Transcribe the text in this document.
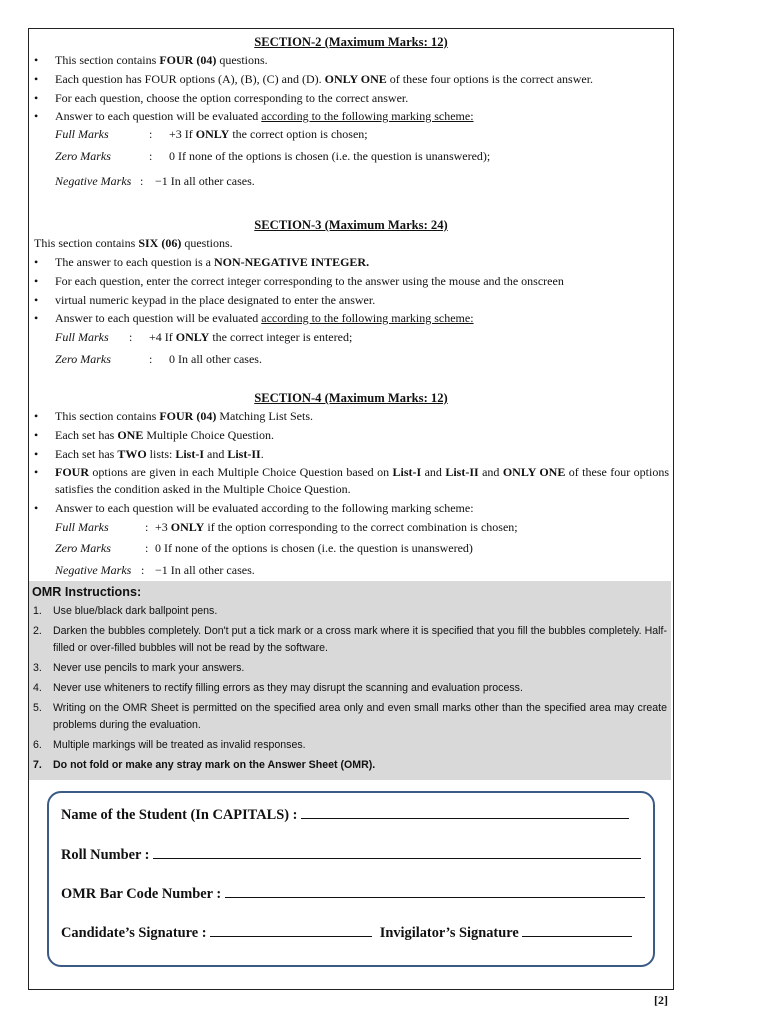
SECTION-2 (Maximum Marks: 12)
• This section contains FOUR (04) questions.
• Each question has FOUR options (A), (B), (C) and (D). ONLY ONE of these four options is the correct answer.
• For each question, choose the option corresponding to the correct answer.
• Answer to each question will be evaluated according to the following marking scheme:
Full Marks	: +3 If ONLY the correct option is chosen;
Zero Marks	: 0 If none of the options is chosen (i.e. the question is unanswered);
Negative Marks : −1 In all other cases.
SECTION-3 (Maximum Marks: 24)
This section contains SIX (06) questions.
• The answer to each question is a NON-NEGATIVE INTEGER.
• For each question, enter the correct integer corresponding to the answer using the mouse and the onscreen
• virtual numeric keypad in the place designated to enter the answer.
• Answer to each question will be evaluated according to the following marking scheme:
Full Marks : +4 If ONLY the correct integer is entered;
Zero Marks	: 0 In all other cases.
SECTION-4 (Maximum Marks: 12)
• This section contains FOUR (04) Matching List Sets.
• Each set has ONE Multiple Choice Question.
• Each set has TWO lists: List-I and List-II.
• FOUR options are given in each Multiple Choice Question based on List-I and List-II and ONLY ONE of these four options satisfies the condition asked in the Multiple Choice Question.
• Answer to each question will be evaluated according to the following marking scheme:
Full Marks	: +3 ONLY if the option corresponding to the correct combination is chosen;
Zero Marks	: 0 If none of the options is chosen (i.e. the question is unanswered)
Negative Marks : −1 In all other cases.
OMR Instructions:
1. Use blue/black dark ballpoint pens.
2. Darken the bubbles completely. Don't put a tick mark or a cross mark where it is specified that you fill the bubbles completely. Half-filled or over-filled bubbles will not be read by the software.
3. Never use pencils to mark your answers.
4. Never use whiteners to rectify filling errors as they may disrupt the scanning and evaluation process.
5. Writing on the OMR Sheet is permitted on the specified area only and even small marks other than the specified area may create problems during the evaluation.
6. Multiple markings will be treated as invalid responses.
7. Do not fold or make any stray mark on the Answer Sheet (OMR).
Name of the Student (In CAPITALS) :
Roll Number :
OMR Bar Code Number :
Candidate’s Signature :	Invigilator’s Signature
[2]
